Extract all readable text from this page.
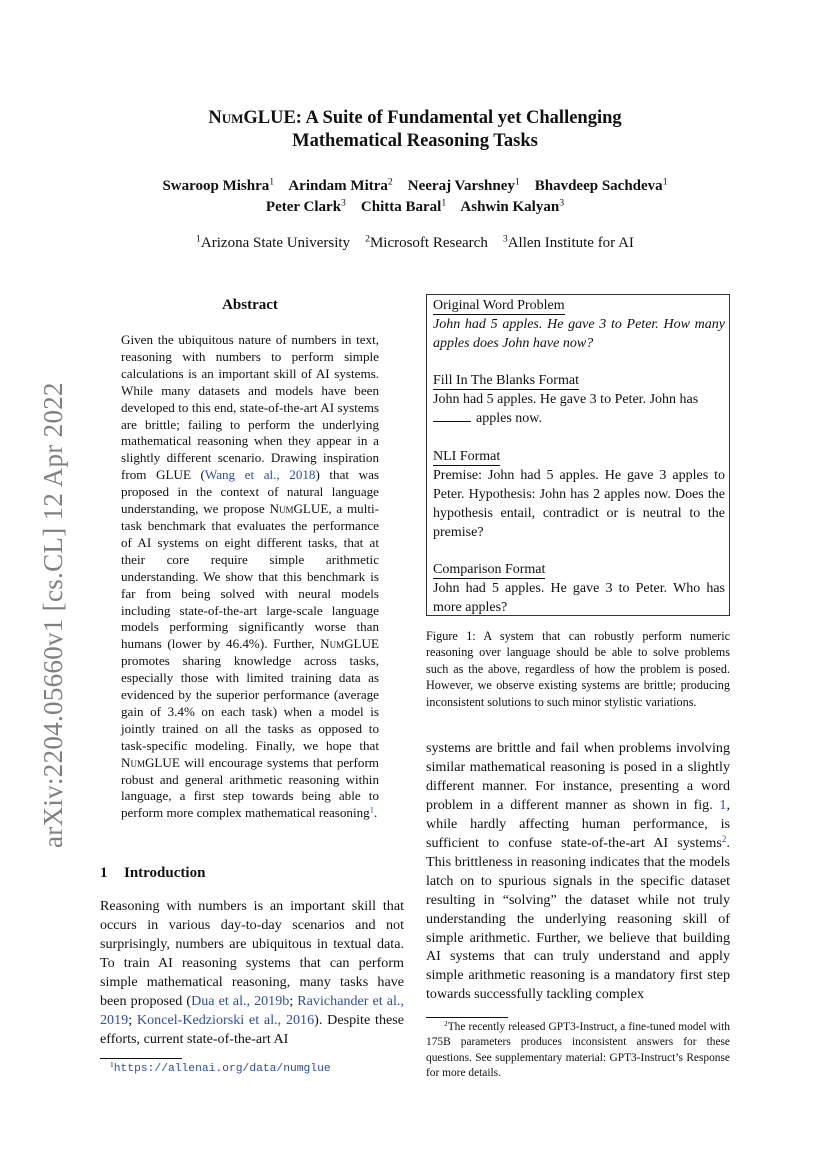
arXiv:2204.05660v1 [cs.CL] 12 Apr 2022
NumGLUE: A Suite of Fundamental yet Challenging
Mathematical Reasoning Tasks
Swaroop Mishra$^1$ Arindam Mitra$^2$ Neeraj Varshney$^1$ Bhavdeep Sachdeva$^1$
Peter Clark$^3$ Chitta Baral$^1$ Ashwin Kalyan$^3$
$^1$Arizona State University $^2$Microsoft Research $^3$Allen Institute for AI
Abstract
Given the ubiquitous nature of numbers in text, reasoning with numbers to perform simple calculations is an important skill of AI systems. While many datasets and models have been developed to this end, state-of-the-art AI systems are brittle; failing to perform the underlying mathematical reasoning when they appear in a slightly different scenario. Drawing inspiration from GLUE (Wang et al., 2018) that was proposed in the context of natural language understanding, we propose NumGLUE, a multi-task benchmark that evaluates the performance of AI systems on eight different tasks, that at their core require simple arithmetic understanding. We show that this benchmark is far from being solved with neural models including state-of-the-art large-scale language models performing significantly worse than humans (lower by 46.4%). Further, NumGLUE promotes sharing knowledge across tasks, especially those with limited training data as evidenced by the superior performance (average gain of 3.4% on each task) when a model is jointly trained on all the tasks as opposed to task-specific modeling. Finally, we hope that NumGLUE will encourage systems that perform robust and general arithmetic reasoning within language, a first step towards being able to perform more complex mathematical reasoning$^1$.
1 Introduction
Reasoning with numbers is an important skill that occurs in various day-to-day scenarios and not surprisingly, numbers are ubiquitous in textual data. To train AI reasoning systems that can perform simple mathematical reasoning, many tasks have been proposed (Dua et al., 2019b; Ravichander et al., 2019; Koncel-Kedziorski et al., 2016). Despite these efforts, current state-of-the-art AI
$^1$https://allenai.org/data/numglue
Original Word Problem
John had 5 apples. He gave 3 to Peter. How many apples does John have now?
Fill In The Blanks Format
John had 5 apples. He gave 3 to Peter. John has
apples now.
NLI Format
Premise: John had 5 apples. He gave 3 apples to Peter. Hypothesis: John has 2 apples now. Does the hypothesis entail, contradict or is neutral to the premise?
Comparison Format
John had 5 apples. He gave 3 to Peter. Who has more apples?
Figure 1: A system that can robustly perform numeric reasoning over language should be able to solve problems such as the above, regardless of how the problem is posed. However, we observe existing systems are brittle; producing inconsistent solutions to such minor stylistic variations.
systems are brittle and fail when problems involving similar mathematical reasoning is posed in a slightly different manner. For instance, presenting a word problem in a different manner as shown in fig. 1, while hardly affecting human performance, is sufficient to confuse state-of-the-art AI systems$^2$. This brittleness in reasoning indicates that the models latch on to spurious signals in the specific dataset resulting in “solving” the dataset while not truly understanding the underlying reasoning skill of simple arithmetic. Further, we believe that building AI systems that can truly understand and apply simple arithmetic reasoning is a mandatory first step towards successfully tackling complex
$^2$The recently released GPT3-Instruct, a fine-tuned model with 175B parameters produces inconsistent answers for these questions. See supplementary material: GPT3-Instruct’s Response for more details.
